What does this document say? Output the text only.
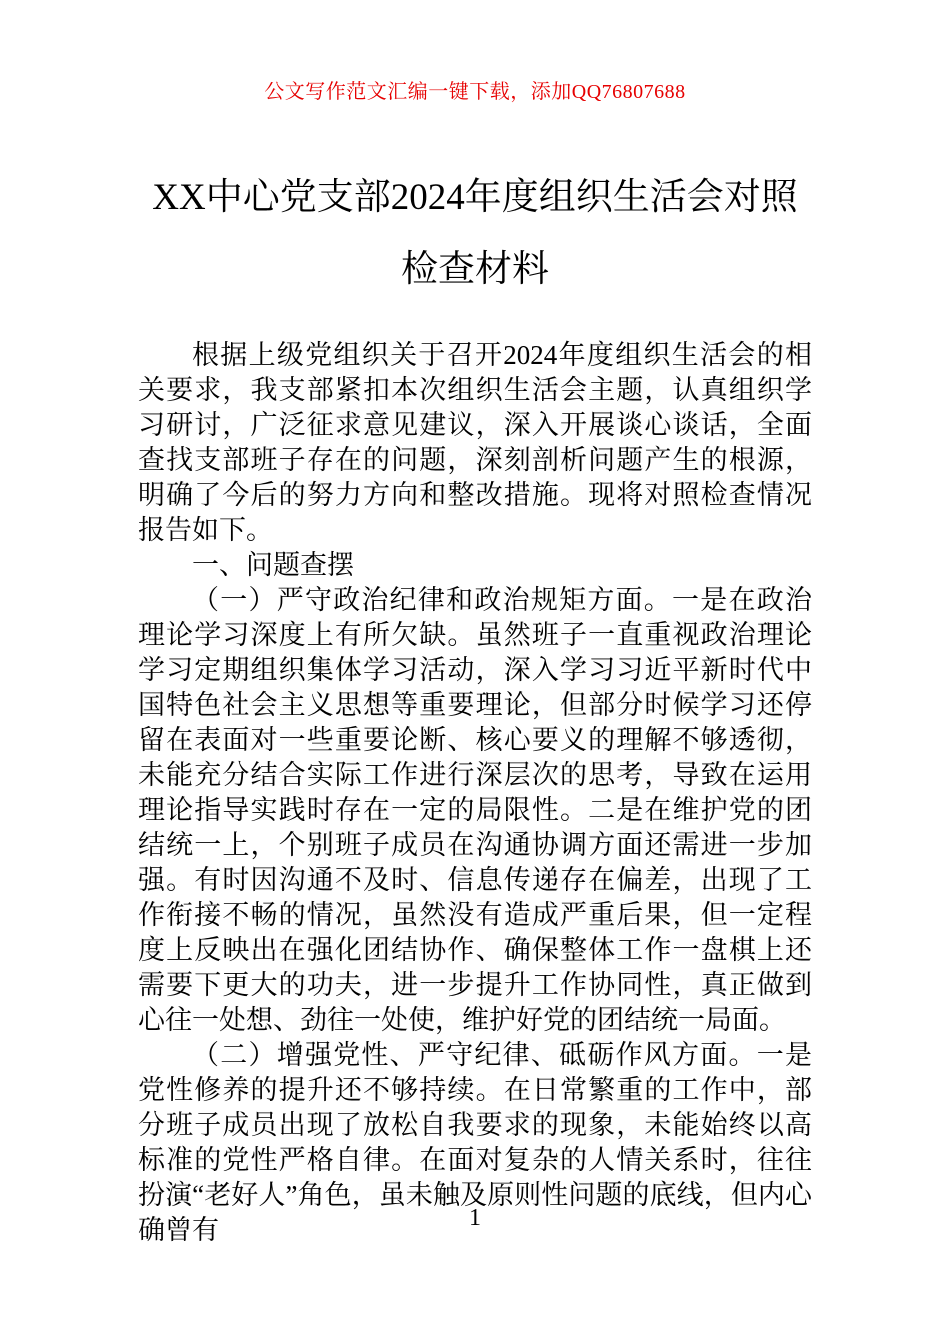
公文写作范文汇编一键下载，添加QQ76807688
XX中心党支部2024年度组织生活会对照
检查材料

根据上级党组织关于召开2024年度组织生活会的相关要求，我支部紧扣本次组织生活会主题，认真组织学习研讨，广泛征求意见建议，深入开展谈心谈话，全面查找支部班子存在的问题，深刻剖析问题产生的根源，明确了今后的努力方向和整改措施。现将对照检查情况报告如下。

一、问题查摆

（一）严守政治纪律和政治规矩方面。一是在政治理论学习深度上有所欠缺。虽然班子一直重视政治理论学习定期组织集体学习活动，深入学习习近平新时代中国特色社会主义思想等重要理论，但部分时候学习还停留在表面对一些重要论断、核心要义的理解不够透彻，未能充分结合实际工作进行深层次的思考，导致在运用理论指导实践时存在一定的局限性。二是在维护党的团结统一上，个别班子成员在沟通协调方面还需进一步加强。有时因沟通不及时、信息传递存在偏差，出现了工作衔接不畅的情况，虽然没有造成严重后果，但一定程度上反映出在强化团结协作、确保整体工作一盘棋上还需要下更大的功夫，进一步提升工作协同性，真正做到心往一处想、劲往一处使，维护好党的团结统一局面。

（二）增强党性、严守纪律、砥砺作风方面。一是党性修养的提升还不够持续。在日常繁重的工作中，部分班子成员出现了放松自我要求的现象，未能始终以高标准的党性严格自律。在面对复杂的人情关系时，往往扮演“老好人”角色，虽未触及原则性问题的底线，但内心确曾有	1
